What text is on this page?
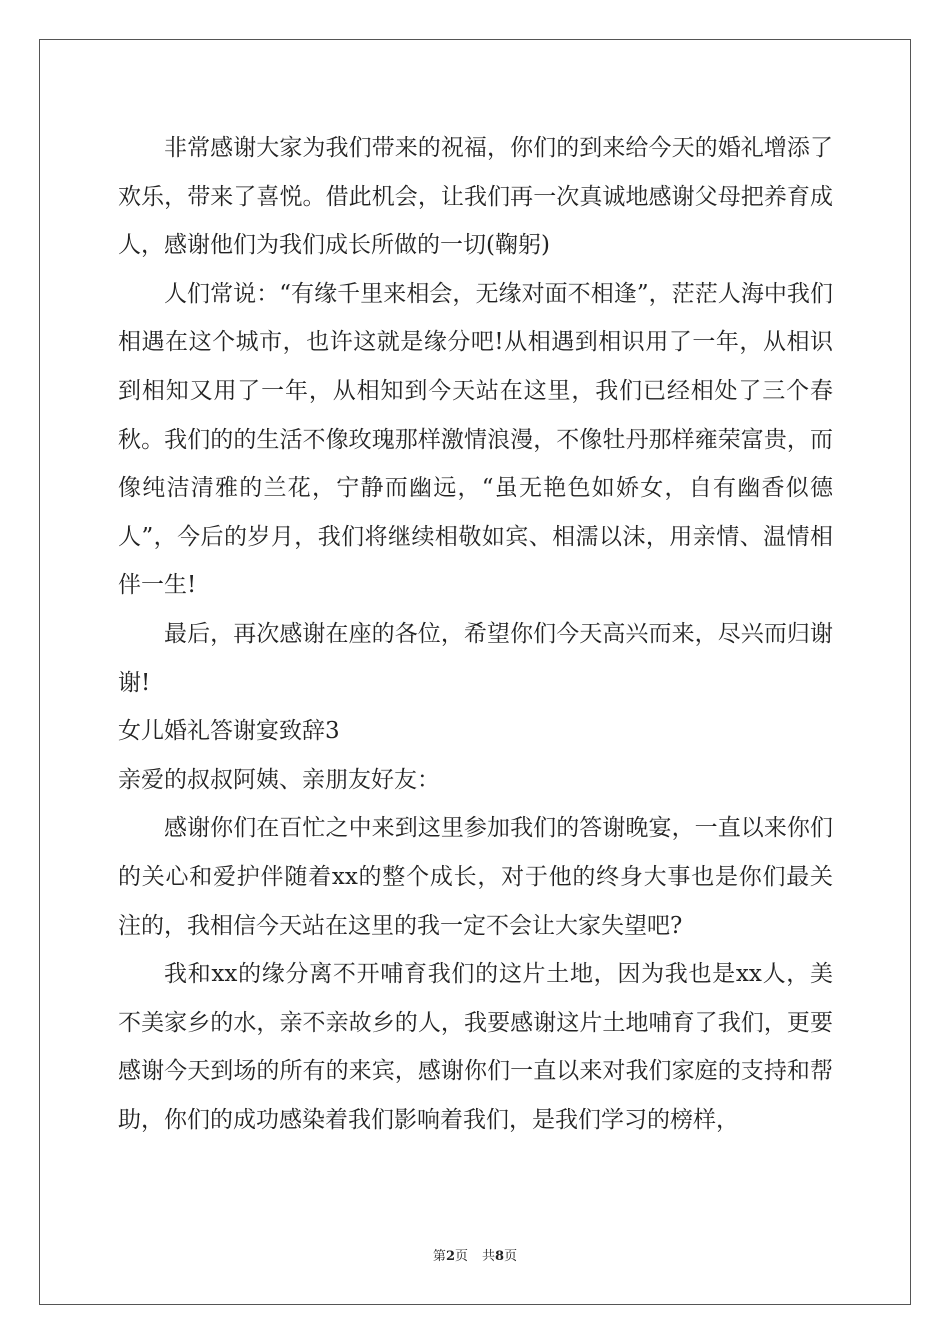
非常感谢大家为我们带来的祝福，你们的到来给今天的婚礼增添了欢乐，带来了喜悦。借此机会，让我们再一次真诚地感谢父母把养育成人，感谢他们为我们成长所做的一切(鞠躬)

人们常说：“有缘千里来相会，无缘对面不相逢”，茫茫人海中我们相遇在这个城市，也许这就是缘分吧!从相遇到相识用了一年，从相识到相知又用了一年，从相知到今天站在这里，我们已经相处了三个春秋。我们的的生活不像玫瑰那样激情浪漫，不像牡丹那样雍荣富贵，而像纯洁清雅的兰花，宁静而幽远，“虽无艳色如娇女，自有幽香似德人”，今后的岁月，我们将继续相敬如宾、相濡以沫，用亲情、温情相伴一生!

最后，再次感谢在座的各位，希望你们今天高兴而来，尽兴而归谢谢!

女儿婚礼答谢宴致辞3

亲爱的叔叔阿姨、亲朋友好友：

感谢你们在百忙之中来到这里参加我们的答谢晚宴，一直以来你们的关心和爱护伴随着xx的整个成长，对于他的终身大事也是你们最关注的，我相信今天站在这里的我一定不会让大家失望吧?

我和xx的缘分离不开哺育我们的这片土地，因为我也是xx人，美不美家乡的水，亲不亲故乡的人，我要感谢这片土地哺育了我们，更要感谢今天到场的所有的来宾，感谢你们一直以来对我们家庭的支持和帮助，你们的成功感染着我们影响着我们，是我们学习的榜样，

第2页 共8页
